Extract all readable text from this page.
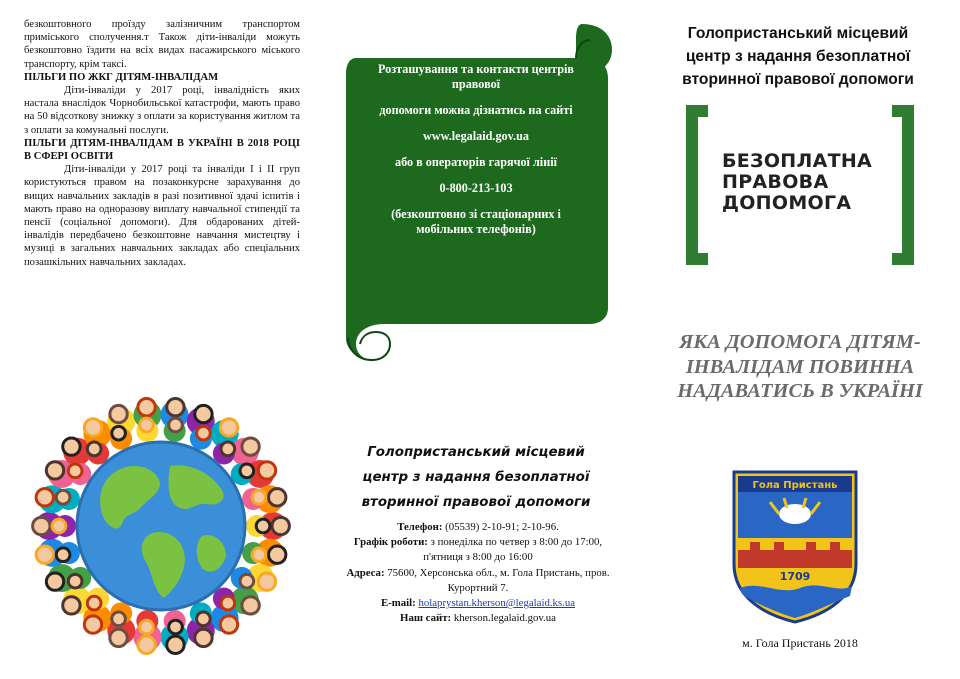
безкоштовного проїзду залізничним транспортом приміського сполучення.т Також діти-інваліди можуть безкоштовно їздити на всіх видах пасажирського міського транспорту, крім таксі.

ПІЛЬГИ ПО ЖКГ ДІТЯМ-ІНВАЛІДАМ

Діти-інваліди у 2017 році, інвалідність яких настала внаслідок Чорнобильської катастрофи, мають право на 50 відсоткову знижку з оплати за користування житлом та з оплати за комунальні послуги.

ПІЛЬГИ ДІТЯМ-ІНВАЛІДАМ В УКРАЇНІ В 2018 РОЦІ В СФЕРІ ОСВІТИ

Діти-інваліди у 2017 році та інваліди I і II груп користуються правом на позаконкурсне зарахування до вищих навчальних закладів в разі позитивної здачі іспитів і мають право на одноразову виплату навчальної стипендії та пенсії (соціальної допомоги). Для обдарованих дітей-інвалідів передбачено безкоштовне навчання мистецтву і музиці в загальних навчальних закладах або спеціальних позашкільних навчальних закладах.

Розташування та контакти центрів правової

допомоги можна дізнатись на сайті

www.legalaid.gov.ua

або в операторів гарячої лінії

0-800-213-103

(безкоштовно зі стаціонарних і мобільних телефонів)

Голопристанський місцевий
центр з надання безоплатної
вторинної правової допомоги
Телефон: (05539) 2-10-91; 2-10-96.
Графік роботи: з понеділка по четвер з 8:00 до 17:00, п'ятниця з 8:00 до 16:00
Адреса: 75600, Херсонська обл., м. Гола Пристань, пров. Курортний 7.
E-mail: holaprystan.kherson@legalaid.ks.ua
Наш сайт: kherson.legalaid.gov.ua
Голопристанський місцевий
центр з надання безоплатної
вторинної правової допомоги
БЕЗОПЛАТНА
ПРАВОВА
ДОПОМОГА
ЯКА ДОПОМОГА ДІТЯМ-
ІНВАЛІДАМ ПОВИННА
НАДАВАТИСЬ В УКРАЇНІ
Гола Пристань
1709
м. Гола Пристань 2018
